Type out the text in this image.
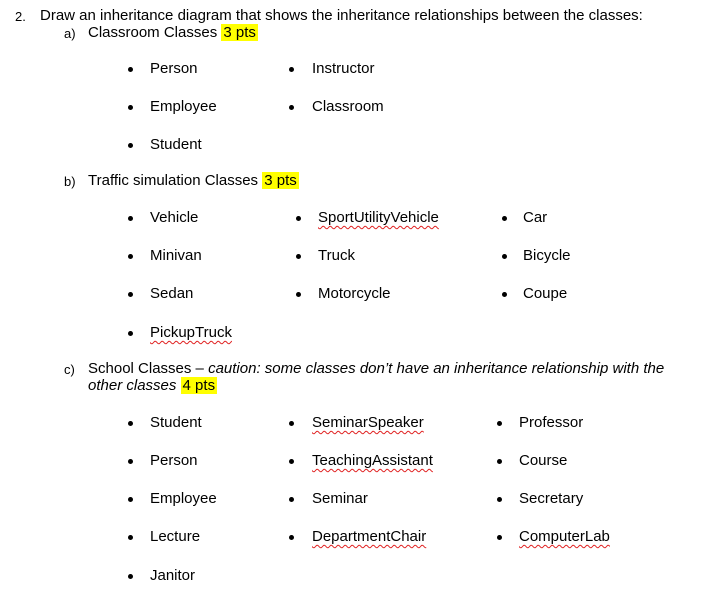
2. Draw an inheritance diagram that shows the inheritance relationships between the classes:
a) Classroom Classes 3 pts
Person	Instructor
Employee	Classroom
Student
b) Traffic simulation Classes 3 pts
Vehicle	SportUtilityVehicle	Car
Minivan	Truck	Bicycle
Sedan	Motorcycle	Coupe
PickupTruck
c) School Classes – caution: some classes don’t have an inheritance relationship with the
other classes 4 pts
Student	SeminarSpeaker	Professor
Person	TeachingAssistant	Course
Employee	Seminar	Secretary
Lecture	DepartmentChair	ComputerLab
Janitor
